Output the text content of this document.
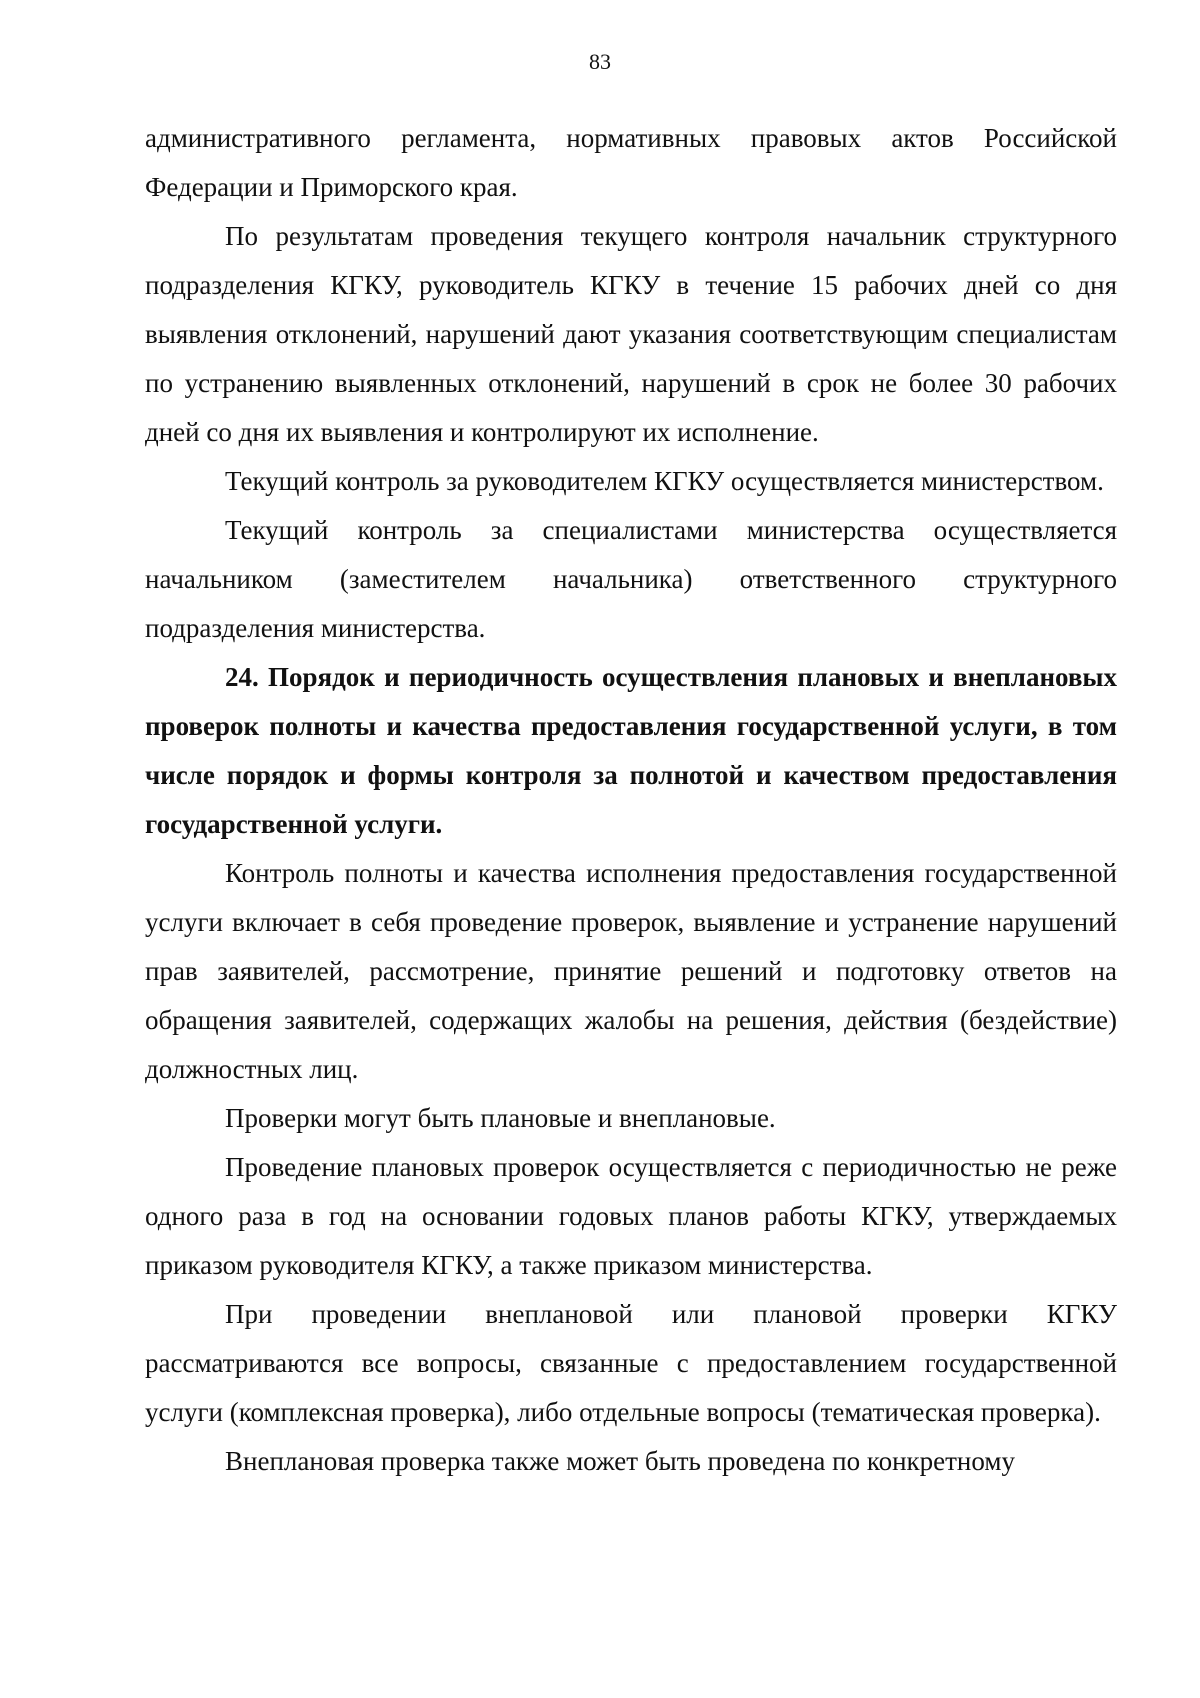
83

административного регламента, нормативных правовых актов Российской Федерации и Приморского края.

По результатам проведения текущего контроля начальник структурного подразделения КГКУ, руководитель КГКУ в течение 15 рабочих дней со дня выявления отклонений, нарушений дают указания соответствующим специалистам по устранению выявленных отклонений, нарушений в срок не более 30 рабочих дней со дня их выявления и контролируют их исполнение.

Текущий контроль за руководителем КГКУ осуществляется министерством.

Текущий контроль за специалистами министерства осуществляется начальником (заместителем начальника) ответственного структурного подразделения министерства.

24. Порядок и периодичность осуществления плановых и внеплановых проверок полноты и качества предоставления государственной услуги, в том числе порядок и формы контроля за полнотой и качеством предоставления государственной услуги.

Контроль полноты и качества исполнения предоставления государственной услуги включает в себя проведение проверок, выявление и устранение нарушений прав заявителей, рассмотрение, принятие решений и подготовку ответов на обращения заявителей, содержащих жалобы на решения, действия (бездействие) должностных лиц.

Проверки могут быть плановые и внеплановые.

Проведение плановых проверок осуществляется с периодичностью не реже одного раза в год на основании годовых планов работы КГКУ, утверждаемых приказом руководителя КГКУ, а также приказом министерства.

При проведении внеплановой или плановой проверки КГКУ рассматриваются все вопросы, связанные с предоставлением государственной услуги (комплексная проверка), либо отдельные вопросы (тематическая проверка).

Внеплановая проверка также может быть проведена по конкретному
